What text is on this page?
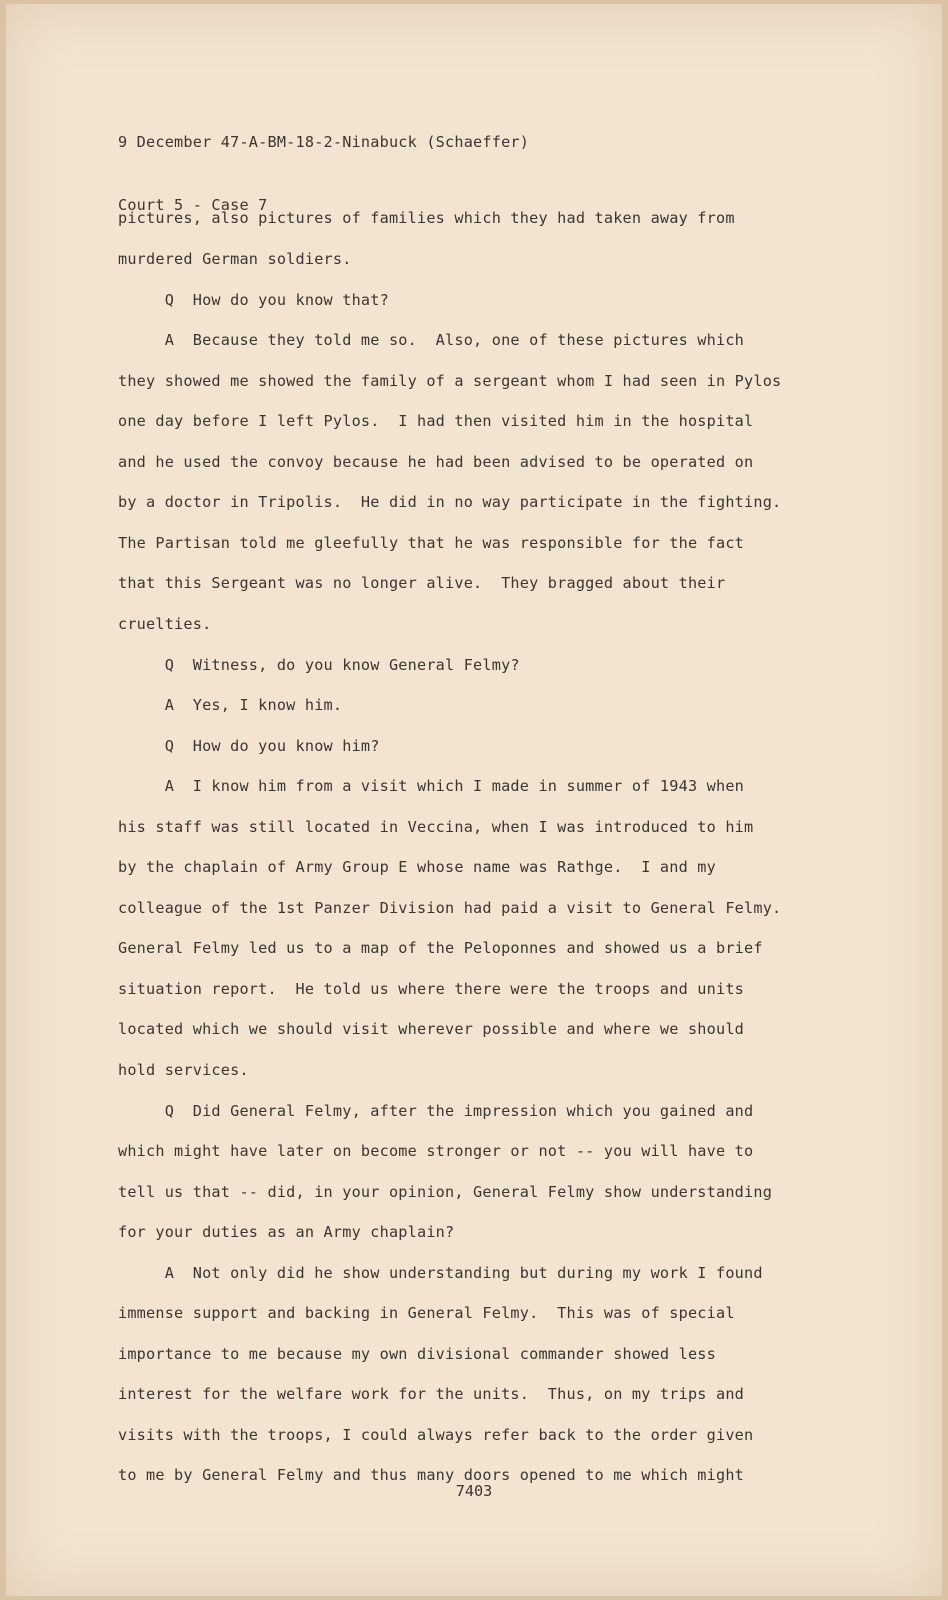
9 December 47-A-BM-18-2-Ninabuck (Schaeffer)

Court 5 - Case 7

pictures, also pictures of families which they had taken away from

murdered German soldiers.

Q  How do you know that?

A  Because they told me so.  Also, one of these pictures which

they showed me showed the family of a sergeant whom I had seen in Pylos

one day before I left Pylos.  I had then visited him in the hospital

and he used the convoy because he had been advised to be operated on

by a doctor in Tripolis.  He did in no way participate in the fighting.

The Partisan told me gleefully that he was responsible for the fact

that this Sergeant was no longer alive.  They bragged about their

cruelties.

Q  Witness, do you know General Felmy?

A  Yes, I know him.

Q  How do you know him?

A  I know him from a visit which I made in summer of 1943 when

his staff was still located in Veccina, when I was introduced to him

by the chaplain of Army Group E whose name was Rathge.  I and my

colleague of the 1st Panzer Division had paid a visit to General Felmy.

General Felmy led us to a map of the Peloponnes and showed us a brief

situation report.  He told us where there were the troops and units

located which we should visit wherever possible and where we should

hold services.

Q  Did General Felmy, after the impression which you gained and

which might have later on become stronger or not -- you will have to

tell us that -- did, in your opinion, General Felmy show understanding

for your duties as an Army chaplain?

A  Not only did he show understanding but during my work I found

immense support and backing in General Felmy.  This was of special

importance to me because my own divisional commander showed less

interest for the welfare work for the units.  Thus, on my trips and

visits with the troops, I could always refer back to the order given

to me by General Felmy and thus many doors opened to me which might

7403
